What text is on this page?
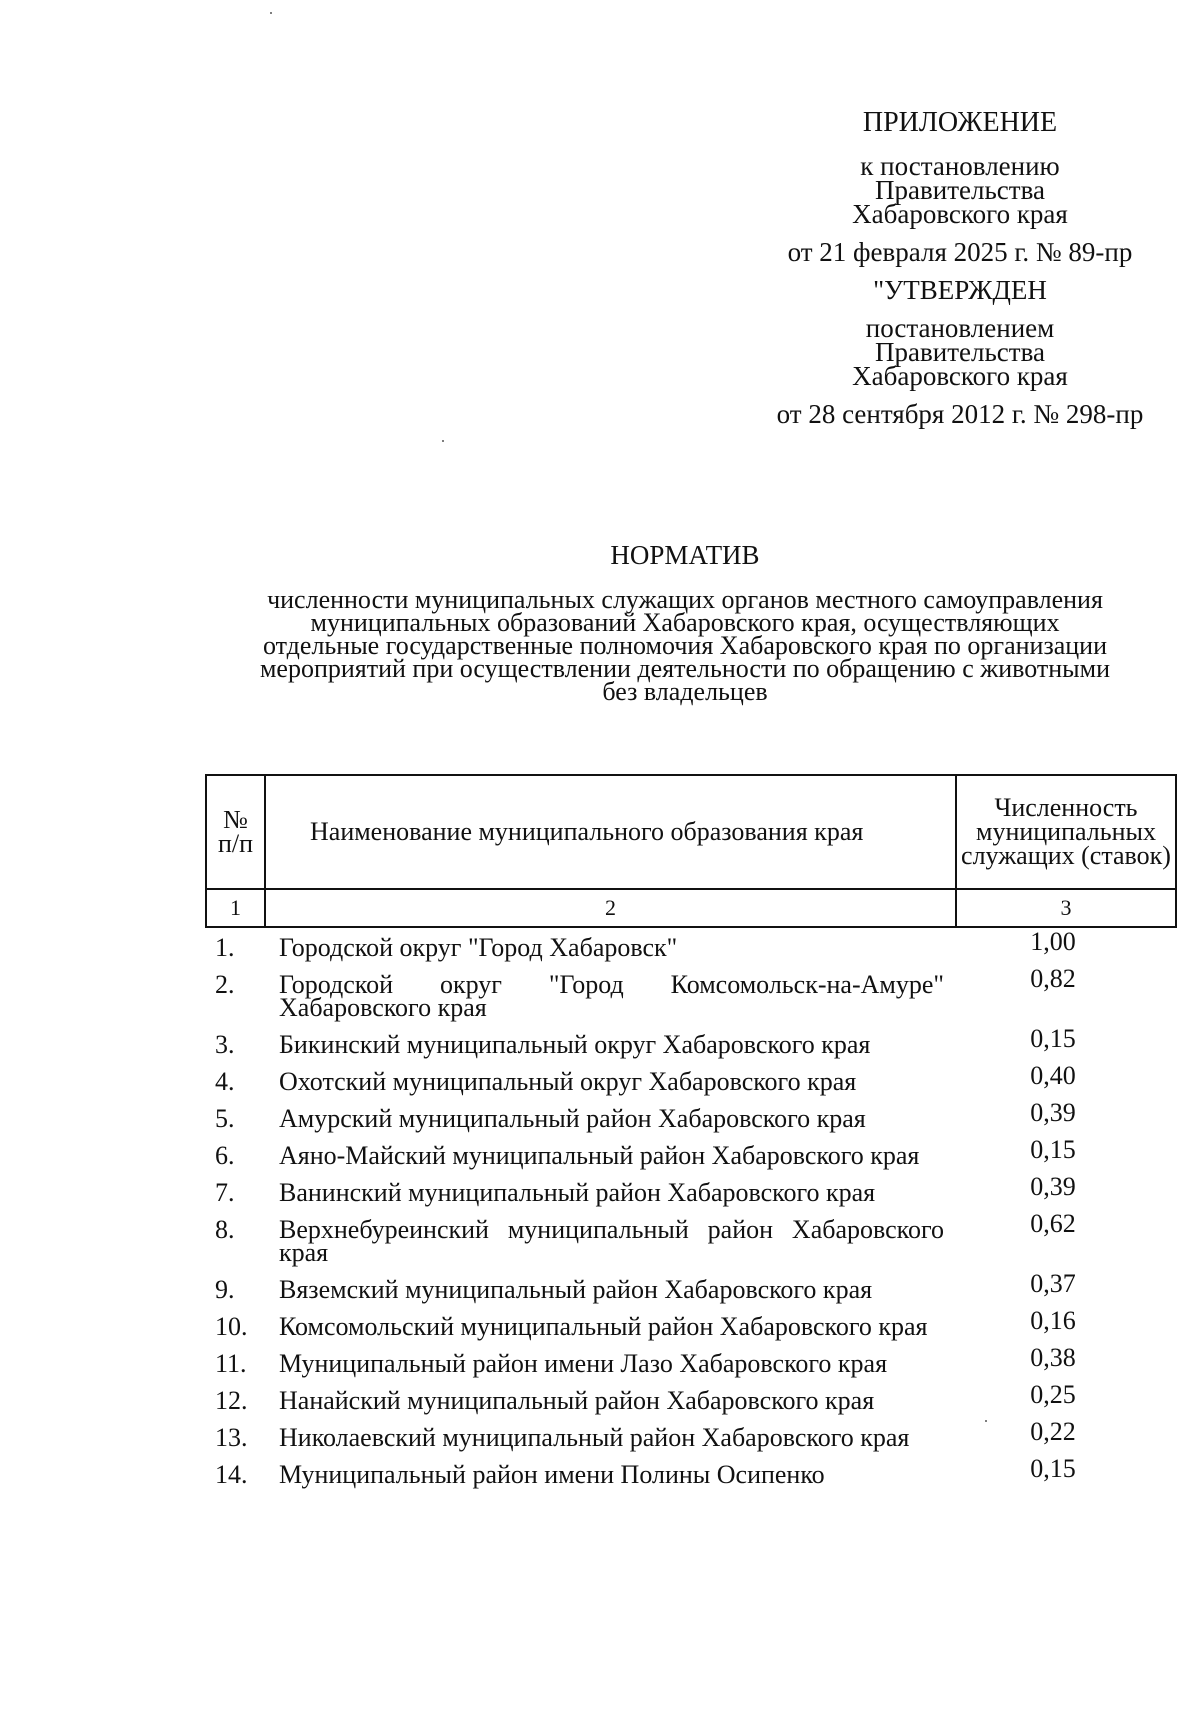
ПРИЛОЖЕНИЕ
к постановлению
Правительства
Хабаровского края
от 21 февраля 2025 г. № 89-пр
"УТВЕРЖДЕН
постановлением
Правительства
Хабаровского края
от 28 сентября 2012 г. № 298-пр
НОРМАТИВ
численности муниципальных служащих органов местного самоуправления
муниципальных образований Хабаровского края, осуществляющих
отдельные государственные полномочия Хабаровского края по организации
мероприятий при осуществлении деятельности по обращению с животными
без владельцев
№ п/п	Наименование муниципального образования края	Численность муниципальных служащих (ставок)
1	2	3
1.	Городской округ "Город Хабаровск"	1,00
2.	Городской округ "Город Комсомольск-на-Амуре" Хабаровского края	0,82
3.	Бикинский муниципальный округ Хабаровского края	0,15
4.	Охотский муниципальный округ Хабаровского края	0,40
5.	Амурский муниципальный район Хабаровского края	0,39
6.	Аяно-Майский муниципальный район Хабаровского края	0,15
7.	Ванинский муниципальный район Хабаровского края	0,39
8.	Верхнебуреинский муниципальный район Хабаровского края	0,62
9.	Вяземский муниципальный район Хабаровского края	0,37
10.	Комсомольский муниципальный район Хабаровского края	0,16
11.	Муниципальный район имени Лазо Хабаровского края	0,38
12.	Нанайский муниципальный район Хабаровского края	0,25
13.	Николаевский муниципальный район Хабаровского края	0,22
14.	Муниципальный район имени Полины Осипенко	0,15
